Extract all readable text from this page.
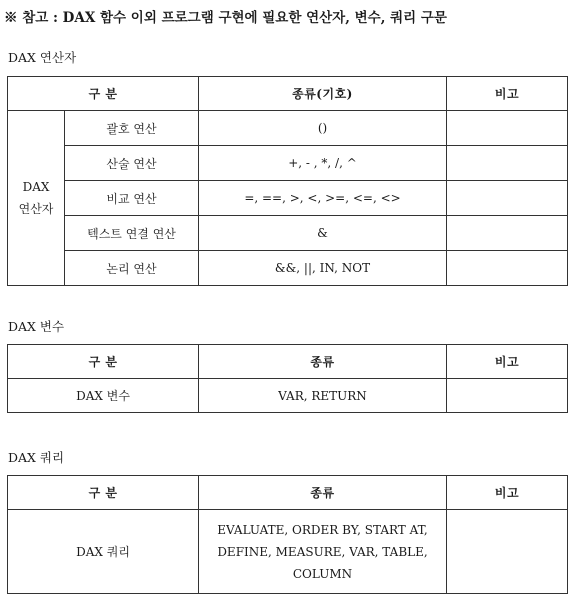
※ 참고 : DAX 함수 이외 프로그램 구현에 필요한 연산자, 변수, 쿼리 구문
DAX 연산자
구 분		종류(기호)	비고
DAX
연산자	괄호 연산	()	
	산술 연산	+, - , *, /, ^	
	비교 연산	=, ==, >, <, >=, <=, <>	
	텍스트 연결 연산	&	
	논리 연산	&&, ||, IN, NOT	
DAX 변수
구 분	종류	비고
DAX 변수	VAR, RETURN	
DAX 쿼리
구 분	종류	비고
DAX 쿼리	EVALUATE, ORDER BY, START AT,
DEFINE, MEASURE, VAR, TABLE,
COLUMN	
